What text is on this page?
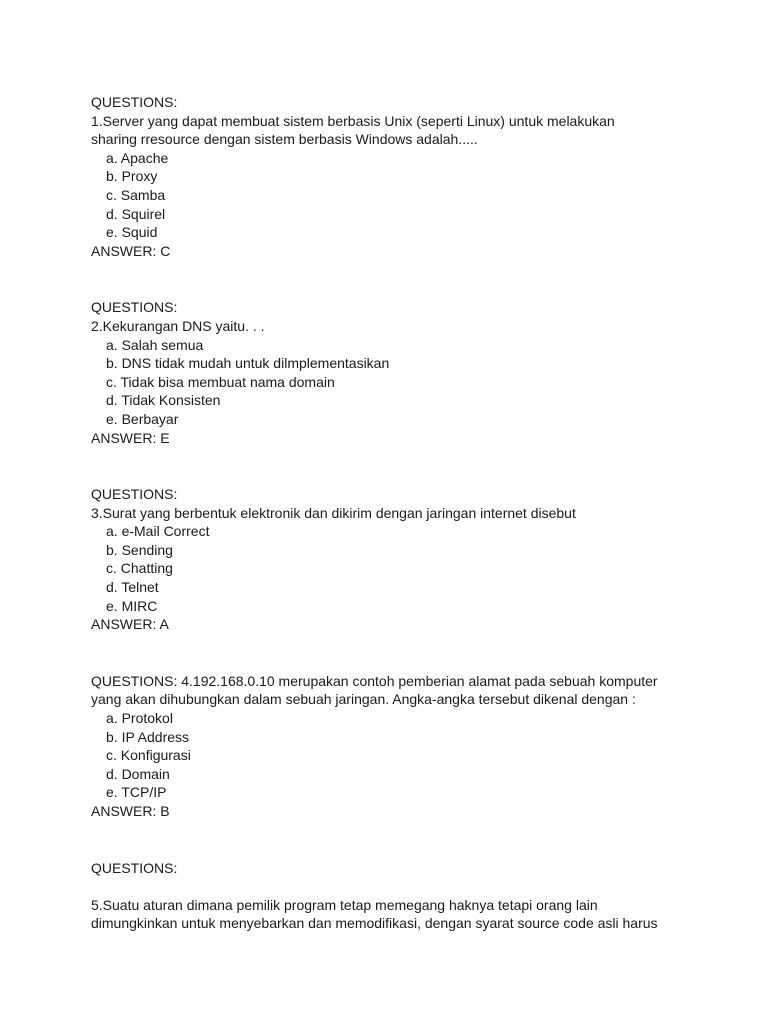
QUESTIONS:
1.Server yang dapat membuat sistem berbasis Unix (seperti Linux) untuk melakukan
sharing rresource dengan sistem berbasis Windows adalah.....
a. Apache
b. Proxy
c. Samba
d. Squirel
e. Squid
ANSWER: C
QUESTIONS:
2.Kekurangan DNS yaitu. . .
a. Salah semua
b. DNS tidak mudah untuk dilmplementasikan
c. Tidak bisa membuat nama domain
d. Tidak Konsisten
e. Berbayar
ANSWER: E
QUESTIONS:
3.Surat yang berbentuk elektronik dan dikirim dengan jaringan internet disebut
a. e-Mail Correct
b. Sending
c. Chatting
d. Telnet
e. MIRC
ANSWER: A
QUESTIONS: 4.192.168.0.10 merupakan contoh pemberian alamat pada sebuah komputer
yang akan dihubungkan dalam sebuah jaringan. Angka-angka tersebut dikenal dengan :
a. Protokol
b. IP Address
c. Konfigurasi
d. Domain
e. TCP/IP
ANSWER: B
QUESTIONS:
5.Suatu aturan dimana pemilik program tetap memegang haknya tetapi orang lain
dimungkinkan untuk menyebarkan dan memodifikasi, dengan syarat source code asli harus
